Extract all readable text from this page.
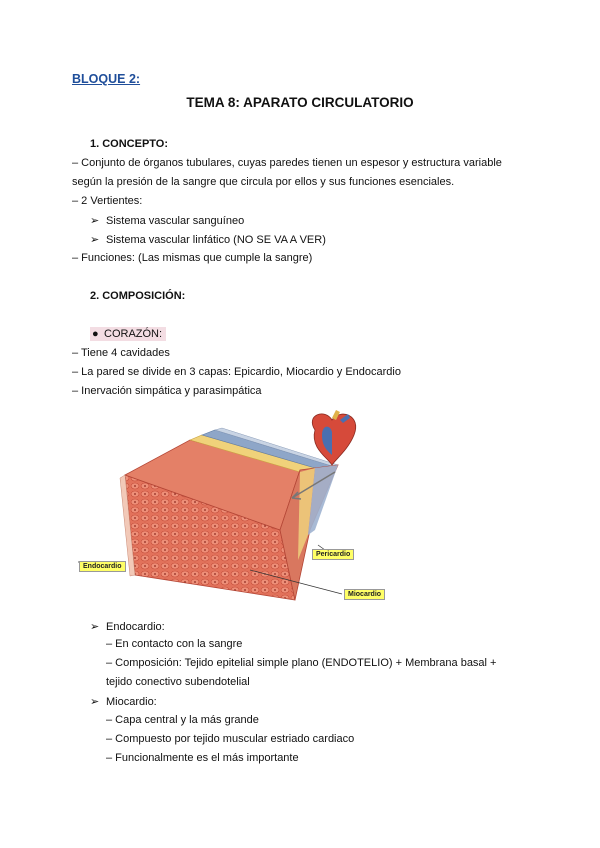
BLOQUE 2:
TEMA 8: APARATO CIRCULATORIO
1. CONCEPTO:
– Conjunto de órganos tubulares, cuyas paredes tienen un espesor y estructura variable
según la presión de la sangre que circula por ellos y sus funciones esenciales.
– 2 Vertientes:
➢ Sistema vascular sanguíneo
➢ Sistema vascular linfático (NO SE VA A VER)
– Funciones: (Las mismas que cumple la sangre)
2. COMPOSICIÓN:
● CORAZÓN:
– Tiene 4 cavidades
– La pared se divide en 3 capas: Epicardio, Miocardio y Endocardio
– Inervación simpática y parasimpática
Endocardio
Pericardio
Miocardio
➢ Endocardio:
– En contacto con la sangre
– Composición: Tejido epitelial simple plano (ENDOTELIO) + Membrana basal +
tejido conectivo subendotelial
➢ Miocardio:
– Capa central y la más grande
– Compuesto por tejido muscular estriado cardiaco
– Funcionalmente es el más importante
